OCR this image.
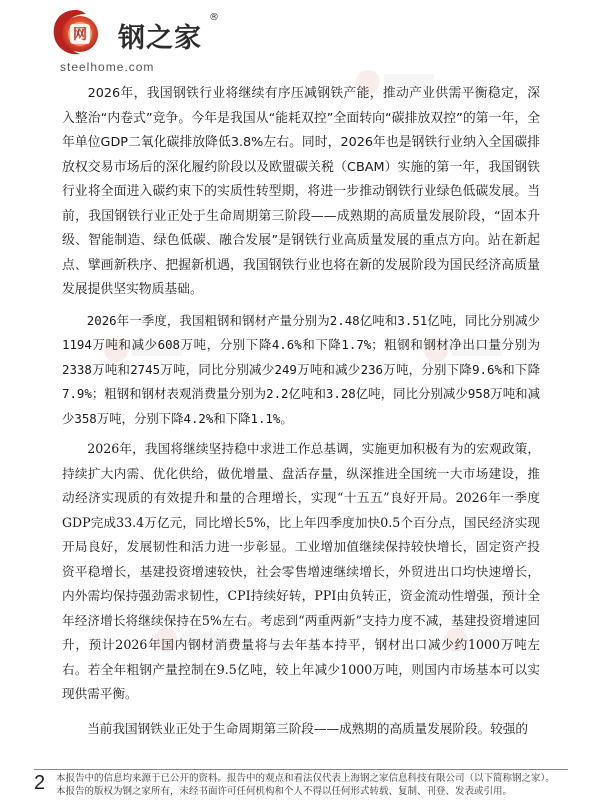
网 钢之家
®
steelhome.com

2026年，我国钢铁行业将继续有序压减钢铁产能，推动产业供需平衡稳定，深入整治“内卷式”竞争。今年是我国从“能耗双控”全面转向“碳排放双控”的第一年，全年单位GDP二氧化碳排放降低3.8%左右。同时，2026年也是钢铁行业纳入全国碳排放权交易市场后的深化履约阶段以及欧盟碳关税（CBAM）实施的第一年，我国钢铁行业将全面进入碳约束下的实质性转型期，将进一步推动钢铁行业绿色低碳发展。当前，我国钢铁行业正处于生命周期第三阶段——成熟期的高质量发展阶段，“固本升级、智能制造、绿色低碳、融合发展”是钢铁行业高质量发展的重点方向。站在新起点、擘画新秩序、把握新机遇，我国钢铁行业也将在新的发展阶段为国民经济高质量发展提供坚实物质基础。

2026年一季度，我国粗钢和钢材产量分别为2.48亿吨和3.51亿吨，同比分别减少1194万吨和减少608万吨，分别下降4.6%和下降1.7%；粗钢和钢材净出口量分别为2338万吨和2745万吨，同比分别减少249万吨和减少236万吨，分别下降9.6%和下降7.9%；粗钢和钢材表观消费量分别为2.2亿吨和3.28亿吨，同比分别减少958万吨和减少358万吨，分别下降4.2%和下降1.1%。

2026年，我国将继续坚持稳中求进工作总基调，实施更加积极有为的宏观政策，持续扩大内需、优化供给，做优增量、盘活存量，纵深推进全国统一大市场建设，推动经济实现质的有效提升和量的合理增长，实现“十五五”良好开局。2026年一季度GDP完成33.4万亿元，同比增长5%，比上年四季度加快0.5个百分点，国民经济实现开局良好，发展韧性和活力进一步彰显。工业增加值继续保持较快增长，固定资产投资平稳增长，基建投资增速较快，社会零售增速继续增长，外贸进出口均快速增长，内外需均保持强劲需求韧性，CPI持续好转，PPI由负转正，资金流动性增强，预计全年经济增长将继续保持在5%左右。考虑到“两重两新”支持力度不减，基建投资增速回升，预计2026年国内钢材消费量将与去年基本持平，钢材出口减少约1000万吨左右。若全年粗钢产量控制在9.5亿吨，较上年减少1000万吨，则国内市场基本可以实现供需平衡。

当前我国钢铁业正处于生命周期第三阶段——成熟期的高质量发展阶段。较强的

2 本报告中的信息均来源于已公开的资料。报告中的观点和看法仅代表上海钢之家信息科技有限公司（以下简称钢之家）。本报告的版权为钢之家所有，未经书面许可任何机构和个人不得以任何形式转载、复制、刊登、发表或引用。
